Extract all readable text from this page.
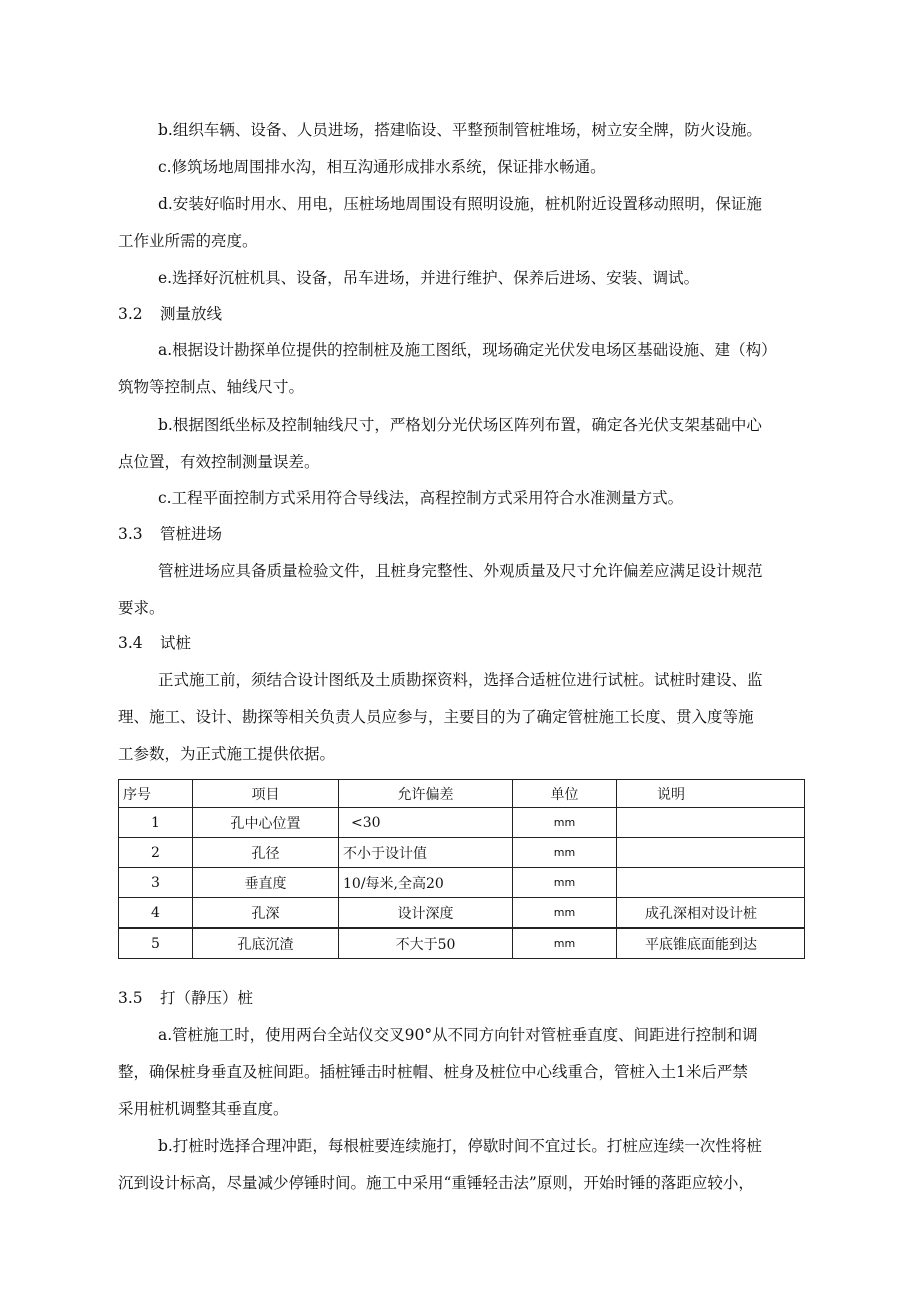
b.组织车辆、设备、人员进场，搭建临设、平整预制管桩堆场，树立安全牌，防火设施。

c.修筑场地周围排水沟，相互沟通形成排水系统，保证排水畅通。

d.安装好临时用水、用电，压桩场地周围设有照明设施，桩机附近设置移动照明，保证施

工作业所需的亮度。

e.选择好沉桩机具、设备，吊车进场，并进行维护、保养后进场、安装、调试。

3.2 测量放线

a.根据设计勘探单位提供的控制桩及施工图纸，现场确定光伏发电场区基础设施、建（构）

筑物等控制点、轴线尺寸。

b.根据图纸坐标及控制轴线尺寸，严格划分光伏场区阵列布置，确定各光伏支架基础中心

点位置，有效控制测量误差。

c.工程平面控制方式采用符合导线法，高程控制方式采用符合水准测量方式。

3.3 管桩进场

管桩进场应具备质量检验文件，且桩身完整性、外观质量及尺寸允许偏差应满足设计规范

要求。

3.4 试桩

正式施工前，须结合设计图纸及土质勘探资料，选择合适桩位进行试桩。试桩时建设、监

理、施工、设计、勘探等相关负责人员应参与，主要目的为了确定管桩施工长度、贯入度等施

工参数，为正式施工提供依据。

序号	项目	允许偏差	单位	说明
1	孔中心位置	<30	mm	
2	孔径	不小于设计值	mm	
3	垂直度	10/每米,全高20	mm	
4	孔深	设计深度	mm	成孔深相对设计桩
5	孔底沉渣	不大于50	mm	平底锥底面能到达
3.5 打（静压）桩

a.管桩施工时，使用两台全站仪交叉90°从不同方向针对管桩垂直度、间距进行控制和调

整，确保桩身垂直及桩间距。插桩锤击时桩帽、桩身及桩位中心线重合，管桩入土1米后严禁

采用桩机调整其垂直度。

b.打桩时选择合理冲距，每根桩要连续施打，停歇时间不宜过长。打桩应连续一次性将桩

沉到设计标高，尽量减少停锤时间。施工中采用“重锤轻击法”原则，开始时锤的落距应较小，
